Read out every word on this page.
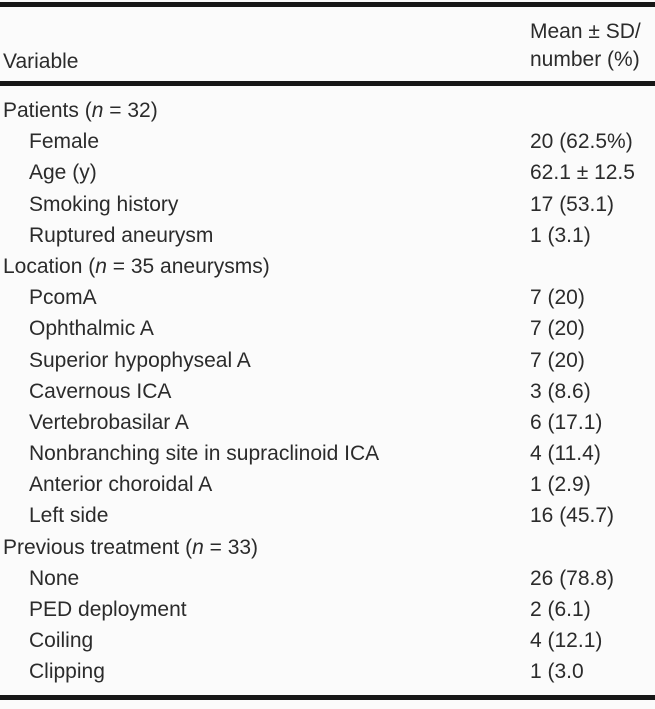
Variable
Mean ± SD/
number (%)
Patients (n = 32)
Female	20 (62.5%)
Age (y)	62.1 ± 12.5
Smoking history	17 (53.1)
Ruptured aneurysm	1 (3.1)
Location (n = 35 aneurysms)
PcomA	7 (20)
Ophthalmic A	7 (20)
Superior hypophyseal A	7 (20)
Cavernous ICA	3 (8.6)
Vertebrobasilar A	6 (17.1)
Nonbranching site in supraclinoid ICA	4 (11.4)
Anterior choroidal A	1 (2.9)
Left side	16 (45.7)
Previous treatment (n = 33)
None	26 (78.8)
PED deployment	2 (6.1)
Coiling	4 (12.1)
Clipping	1 (3.0
